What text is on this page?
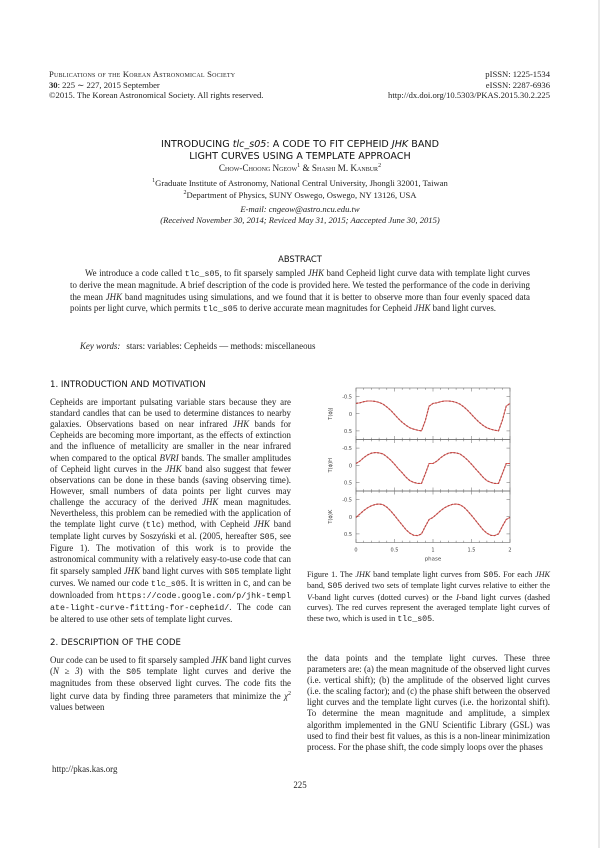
Publications of the Korean Astronomical Society
30: 225 ∼ 227, 2015 September
©2015. The Korean Astronomical Society. All rights reserved.
pISSN: 1225-1534
eISSN: 2287-6936
http://dx.doi.org/10.5303/PKAS.2015.30.2.225
INTRODUCING tlc_s05: A CODE TO FIT CEPHEID JHK BAND
LIGHT CURVES USING A TEMPLATE APPROACH
Chow-Choong Ngeow$^1$ & Shashi M. Kanbur$^2$
$^1$Graduate Institute of Astronomy, National Central University, Jhongli 32001, Taiwan
$^2$Department of Physics, SUNY Oswego, Oswego, NY 13126, USA
E-mail: cngeow@astro.ncu.edu.tw
(Received November 30, 2014; Reviced May 31, 2015; Aaccepted June 30, 2015)
ABSTRACT

We introduce a code called tlc_s05, to fit sparsely sampled JHK band Cepheid light curve data with template light curves to derive the mean magnitude. A brief description of the code is provided here. We tested the performance of the code in deriving the mean JHK band magnitudes using simulations, and we found that it is better to observe more than four evenly spaced data points per light curve, which permits tlc_s05 to derive accurate mean magnitudes for Cepheid JHK band light curves.

Key words: stars: variables: Cepheids — methods: miscellaneous
1. INTRODUCTION AND MOTIVATION

Cepheids are important pulsating variable stars because they are standard candles that can be used to determine distances to nearby galaxies. Observations based on near infrared JHK bands for Cepheids are becoming more important, as the effects of extinction and the influence of metallicity are smaller in the near infrared when compared to the optical BVRI bands. The smaller amplitudes of Cepheid light curves in the JHK band also suggest that fewer observations can be done in these bands (saving observing time). However, small numbers of data points per light curves may challenge the accuracy of the derived JHK mean magnitudes. Nevertheless, this problem can be remedied with the application of the template light curve (tlc) method, with Cepheid JHK band template light curves by Soszyński et al. (2005, hereafter S05, see Figure 1). The motivation of this work is to provide the astronomical community with a relatively easy-to-use code that can fit sparsely sampled JHK band light curves with S05 template light curves. We named our code tlc_s05. It is written in C, and can be downloaded from https://code.google.com/p/jhk-template-light-curve-fitting-for-cepheid/. The code can be altered to use other sets of template light curves.

2. DESCRIPTION OF THE CODE

Our code can be used to fit sparsely sampled JHK band light curves (N ≥ 3) with the S05 template light curves and derive the magnitudes from these observed light curves. The code fits the light curve data by finding three parameters that minimize the $\chi^2$ values between

-0.5
0
0.5
T(ϕ)J
-0.5
0
0.5
T(ϕ)H
-0.5
0
0.5
T(ϕ)K
0	0.5	1	1.5	2
phase
Figure 1. The JHK band template light curves from S05. For each JHK band, S05 derived two sets of template light curves relative to either the V-band light curves (dotted curves) or the I-band light curves (dashed curves). The red curves represent the averaged template light curves of these two, which is used in tlc_s05.

the data points and the template light curves. These three parameters are: (a) the mean magnitude of the observed light curves (i.e. vertical shift); (b) the amplitude of the observed light curves (i.e. the scaling factor); and (c) the phase shift between the observed light curves and the template light curves (i.e. the horizontal shift). To determine the mean magnitude and amplitude, a simplex algorithm implemented in the GNU Scientific Library (GSL) was used to find their best fit values, as this is a non-linear minimization process. For the phase shift, the code simply loops over the phases

http://pkas.kas.org
225
